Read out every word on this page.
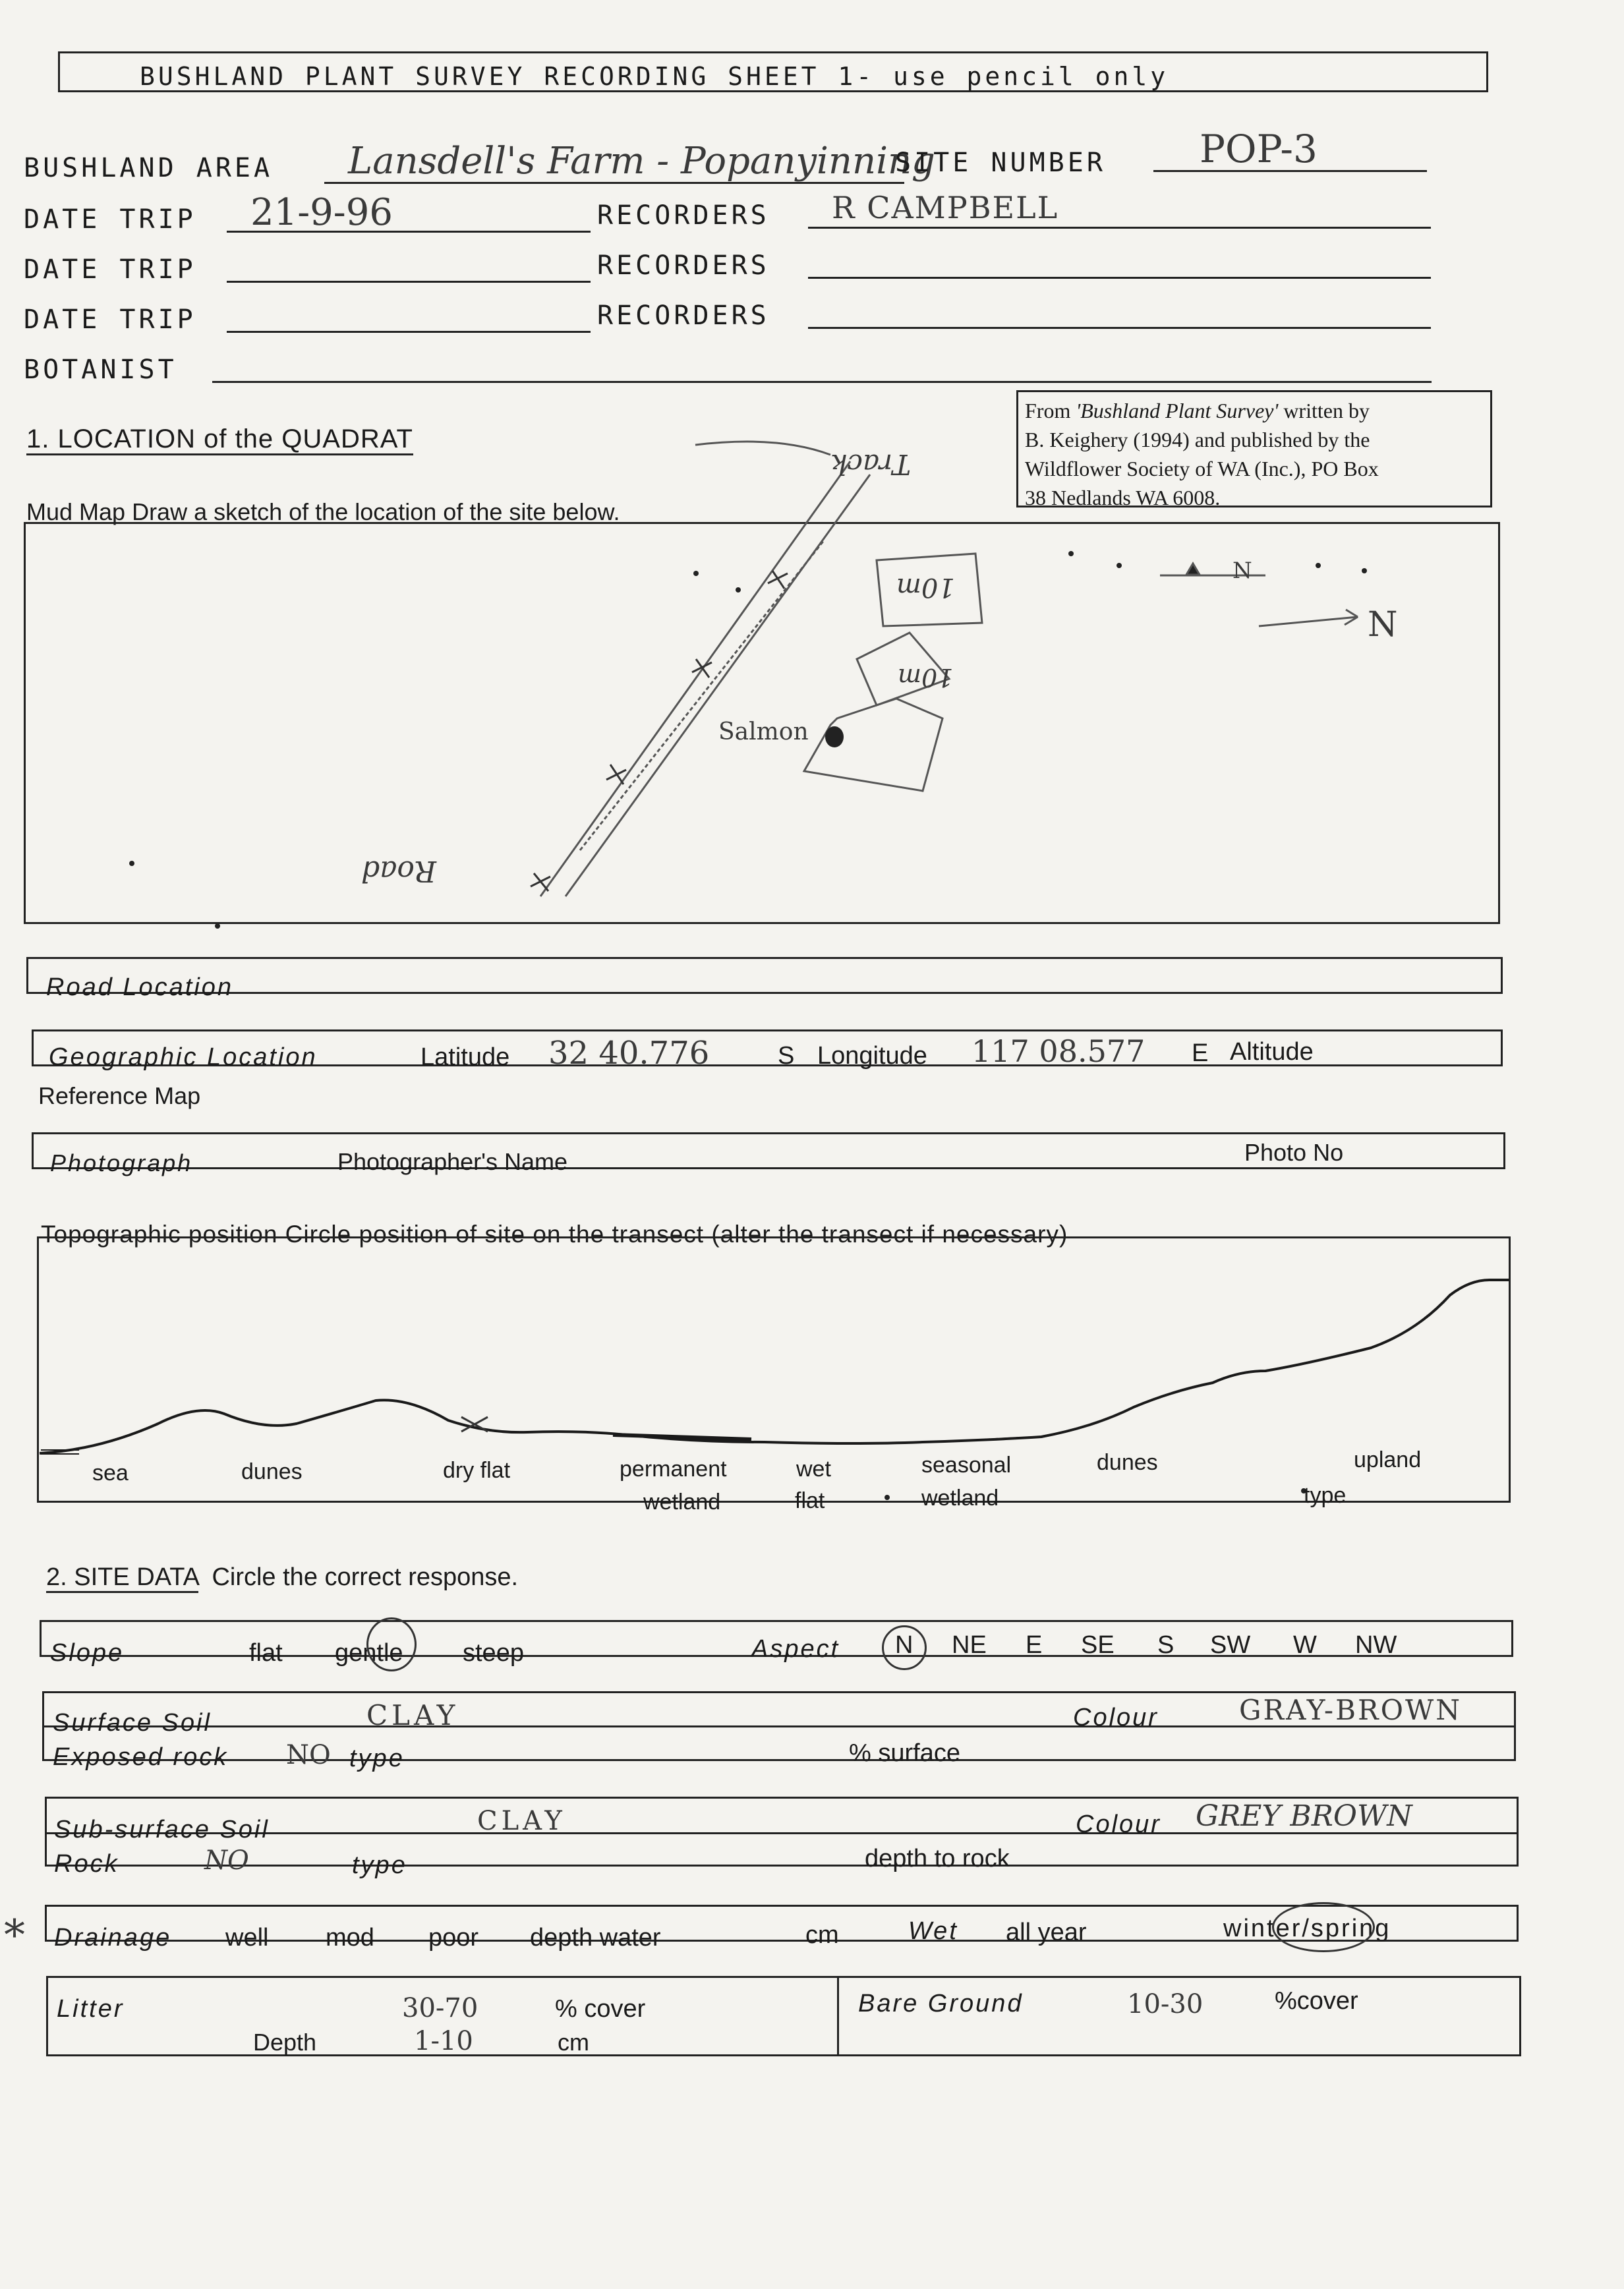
BUSHLAND PLANT SURVEY RECORDING SHEET 1- use pencil only
BUSHLAND AREA Lansdell's Farm - Popanyinning
SITE NUMBER POP-3
DATE TRIP 21-9-96	RECORDERS R CAMPBELL
DATE TRIP	RECORDERS
DATE TRIP	RECORDERS
BOTANIST
From 'Bushland Plant Survey' written by
B. Keighery (1994) and published by the
Wildflower Society of WA (Inc.), PO Box
38 Nedlands WA 6008.
1. LOCATION of the QUADRAT
Mud Map Draw a sketch of the location of the site below.
Track
Road
Salmon
10m
10m
N
N
Road Location
Geographic Location	Latitude 32 40.776	S Longitude 117 08.577 E Altitude
Reference Map
Photograph	Photographer's Name	Photo No
Topographic position Circle position of site on the transect (alter the transect if necessary)
sea	dunes	dry flat	permanent
wetland
wet
flat
seasonal
wetland
dunes	upland
type
2. SITE DATA Circle the correct response.
Slope	flat gentle steep	Aspect N NE E SE S SW W NW
Surface Soil	CLAY	Colour	GRAY-BROWN
Exposed rock NO type	% surface
Sub-surface Soil	CLAY	Colour GREY BROWN
Rock	NO	type	depth to rock
* Drainage well mod poor depth water	cm	Wet all year	winter/spring
Litter	30-70	% cover
Depth	1-10	cm
Bare Ground	10-30	%cover
